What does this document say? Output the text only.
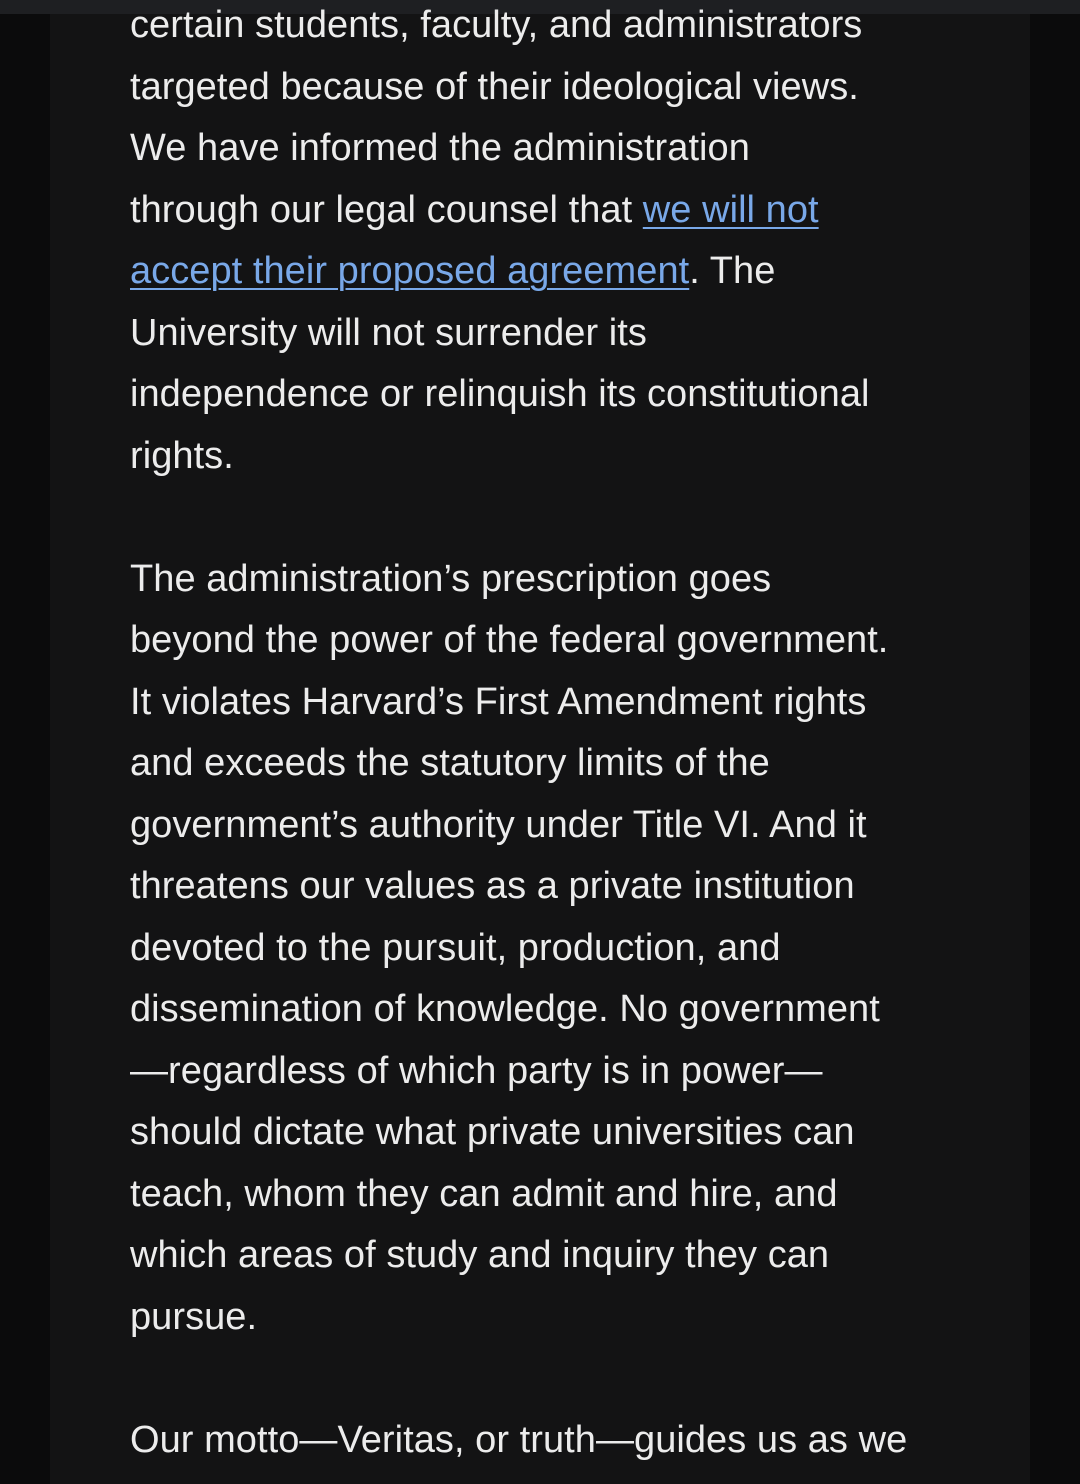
certain students, faculty, and administrators
targeted because of their ideological views.
We have informed the administration
through our legal counsel that we will not
accept their proposed agreement. The
University will not surrender its
independence or relinquish its constitutional
rights.

The administration’s prescription goes
beyond the power of the federal government.
It violates Harvard’s First Amendment rights
and exceeds the statutory limits of the
government’s authority under Title VI. And it
threatens our values as a private institution
devoted to the pursuit, production, and
dissemination of knowledge. No government
—regardless of which party is in power—
should dictate what private universities can
teach, whom they can admit and hire, and
which areas of study and inquiry they can
pursue.

Our motto—Veritas, or truth—guides us as we
